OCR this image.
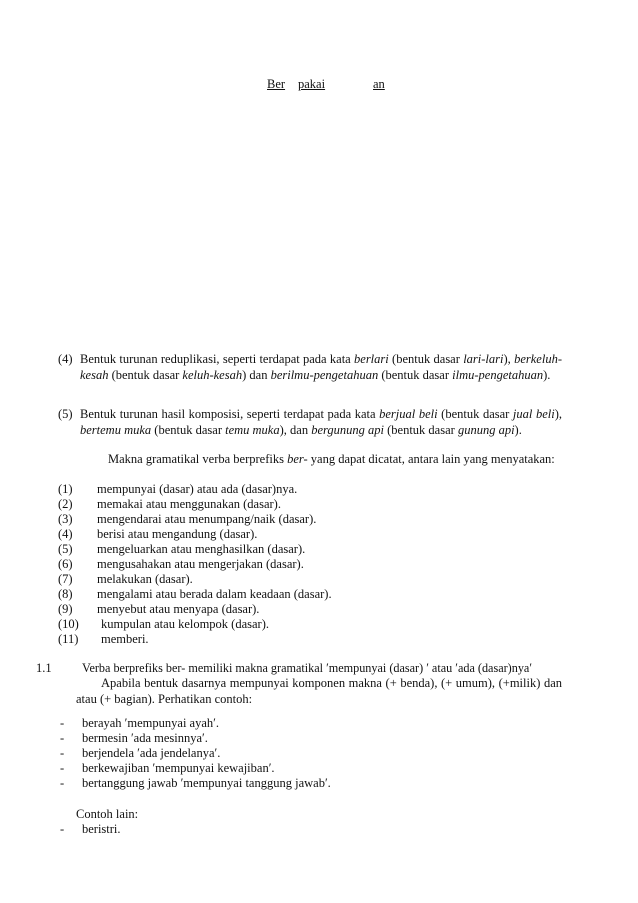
Ber pakai	an
(4) Bentuk turunan reduplikasi, seperti terdapat pada kata berlari (bentuk dasar lari-lari), berkeluh-kesah (bentuk dasar keluh-kesah) dan berilmu-pengetahuan (bentuk dasar ilmu-pengetahuan).
(5) Bentuk turunan hasil komposisi, seperti terdapat pada kata berjual beli (bentuk dasar jual beli), bertemu muka (bentuk dasar temu muka), dan bergunung api (bentuk dasar gunung api).
Makna gramatikal verba berprefiks ber- yang dapat dicatat, antara lain yang menyatakan:
(1) mempunyai (dasar) atau ada (dasar)nya.
(2) memakai atau menggunakan (dasar).
(3) mengendarai atau menumpang/naik (dasar).
(4) berisi atau mengandung (dasar).
(5) mengeluarkan atau menghasilkan (dasar).
(6) mengusahakan atau mengerjakan (dasar).
(7) melakukan (dasar).
(8) mengalami atau berada dalam keadaan (dasar).
(9) menyebut atau menyapa (dasar).
(10) kumpulan atau kelompok (dasar).
(11) memberi.
1.1 Verba berprefiks ber- memiliki makna gramatikal ′mempunyai (dasar) ′ atau ′ada (dasar)nya′
Apabila bentuk dasarnya mempunyai komponen makna (+ benda), (+ umum), (+milik) dan atau (+ bagian). Perhatikan contoh:
- berayah ′mempunyai ayah′.
- bermesin ′ada mesinnya′.
- berjendela ′ada jendelanya′.
- berkewajiban ′mempunyai kewajiban′.
- bertanggung jawab ′mempunyai tanggung jawab′.
Contoh lain:
- beristri.
